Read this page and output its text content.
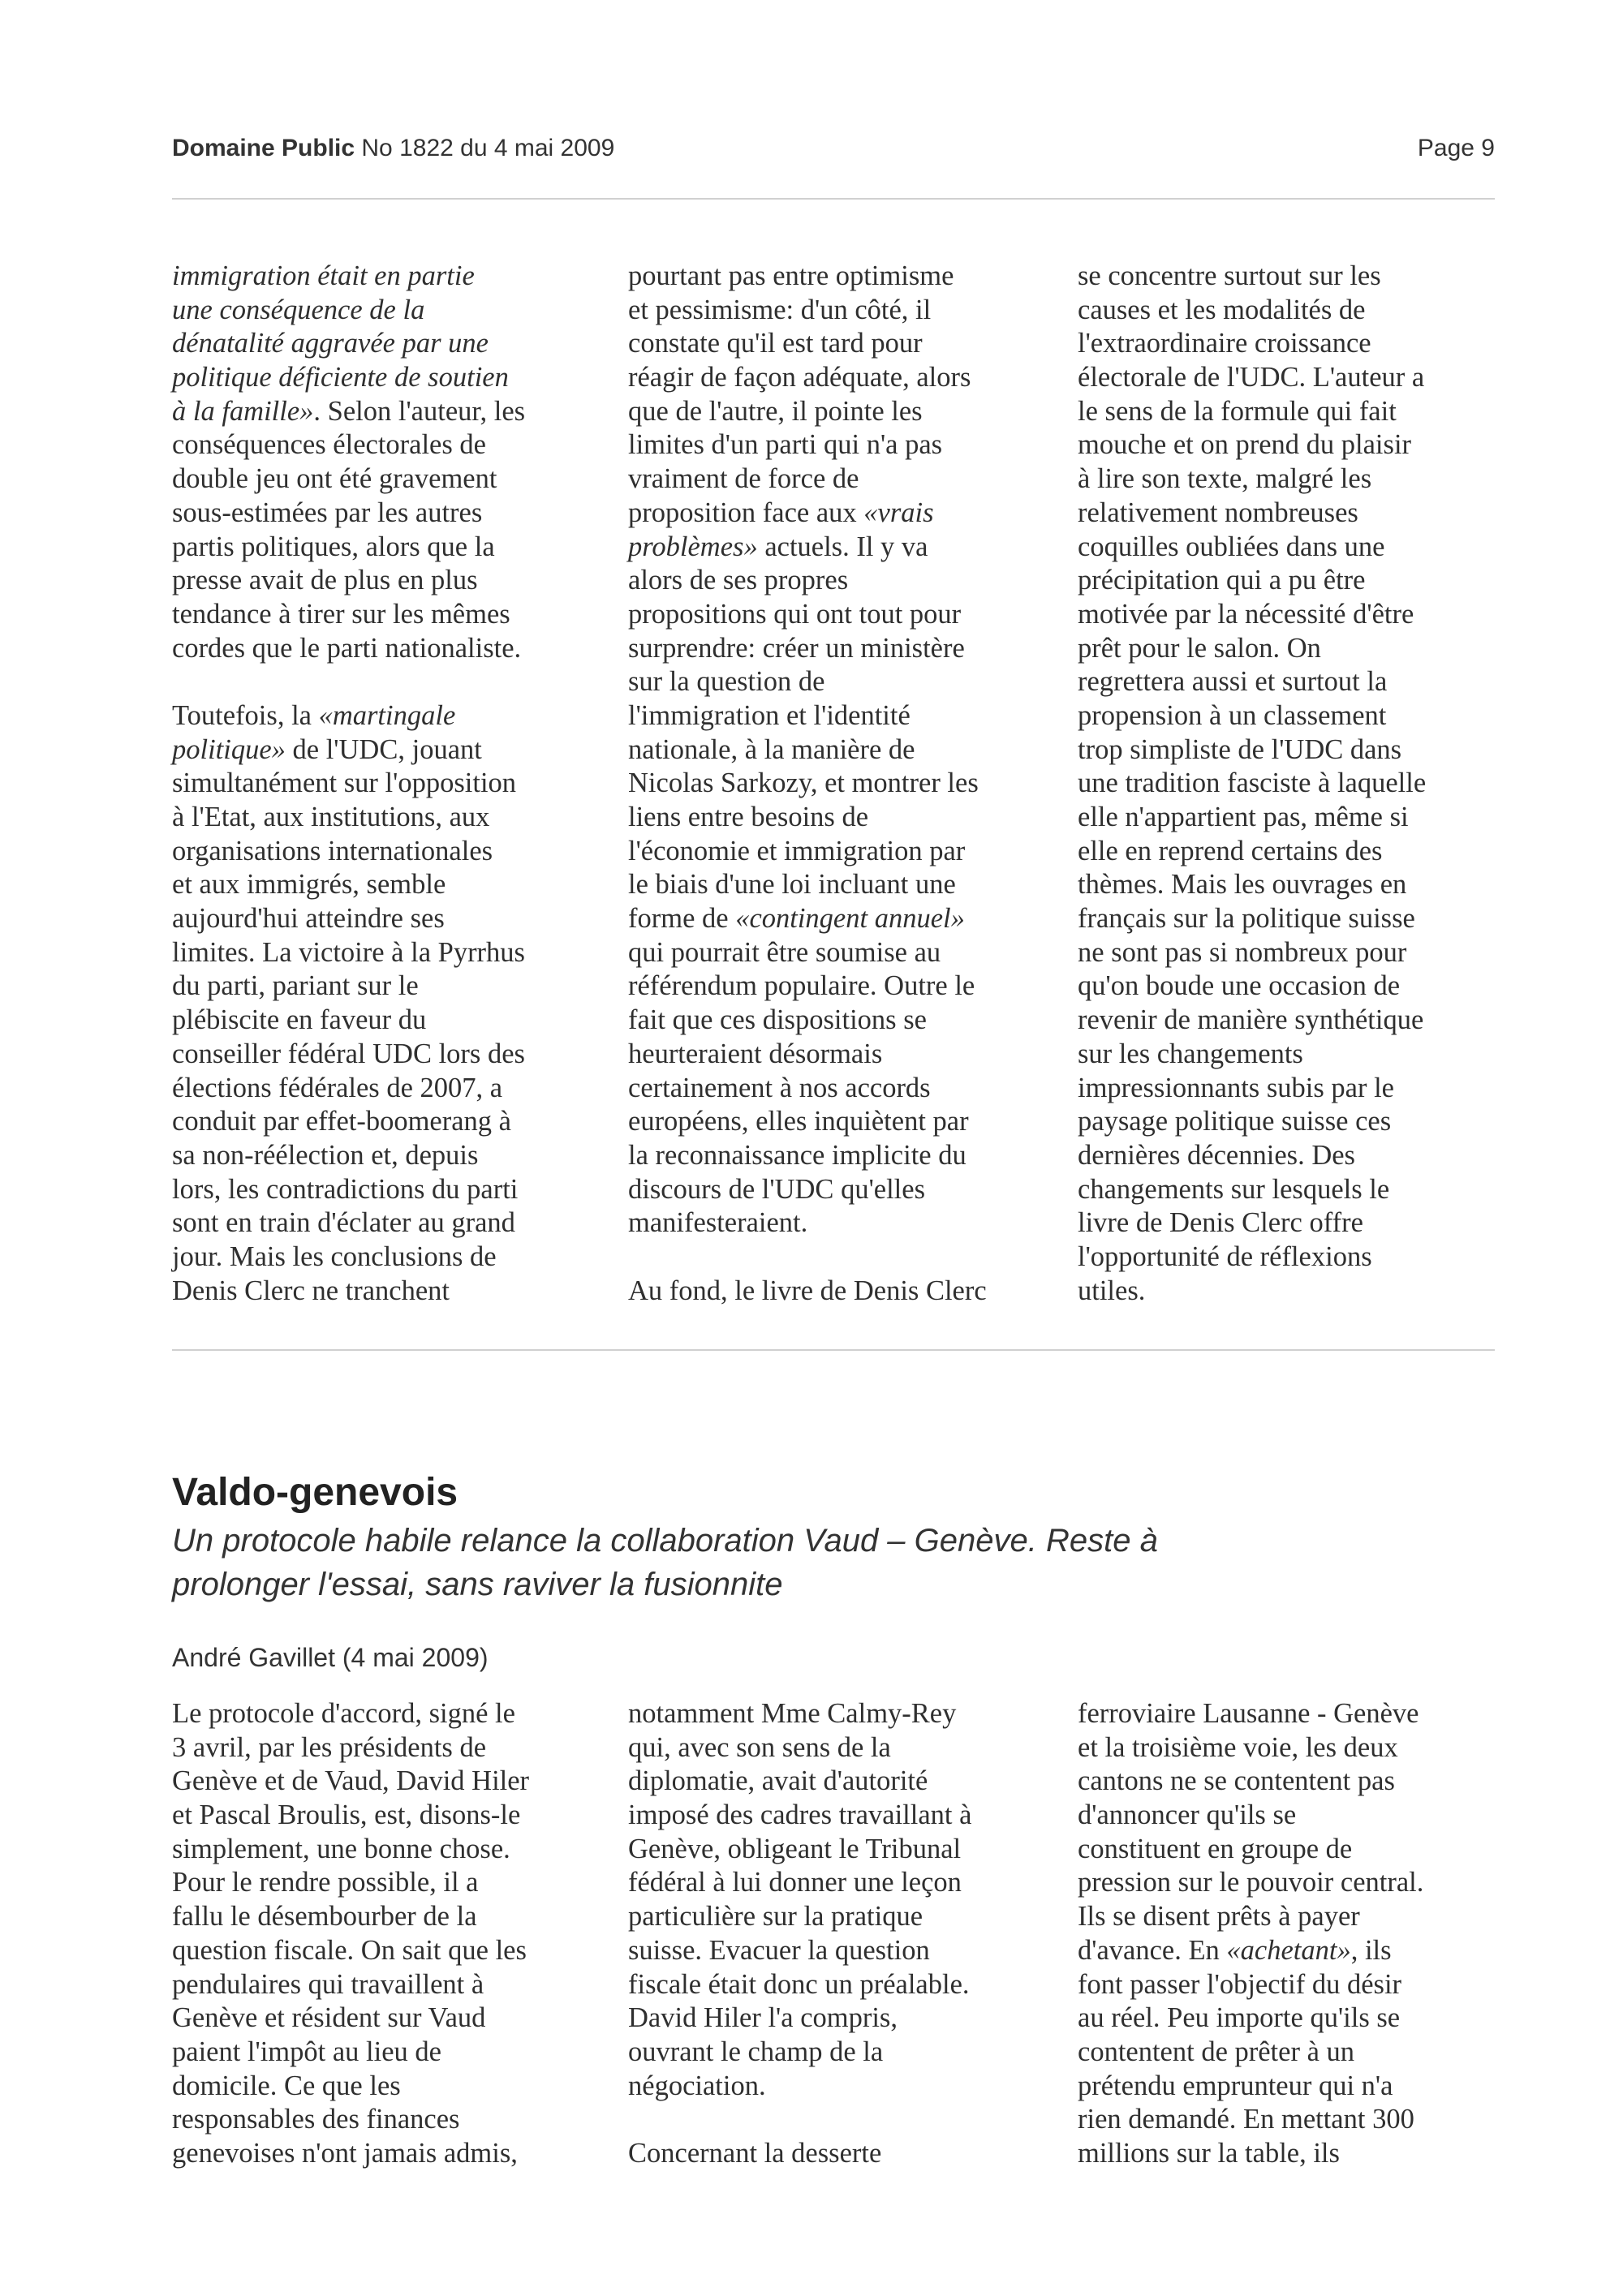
Domaine Public No 1822 du 4 mai 2009	Page 9
immigration était en partie
une conséquence de la
dénatalité aggravée par une
politique déficiente de soutien
à la famille». Selon l'auteur, les
conséquences électorales de
double jeu ont été gravement
sous-estimées par les autres
partis politiques, alors que la
presse avait de plus en plus
tendance à tirer sur les mêmes
cordes que le parti nationaliste.
Toutefois, la «martingale
politique» de l'UDC, jouant
simultanément sur l'opposition
à l'Etat, aux institutions, aux
organisations internationales
et aux immigrés, semble
aujourd'hui atteindre ses
limites. La victoire à la Pyrrhus
du parti, pariant sur le
plébiscite en faveur du
conseiller fédéral UDC lors des
élections fédérales de 2007, a
conduit par effet-boomerang à
sa non-réélection et, depuis
lors, les contradictions du parti
sont en train d'éclater au grand
jour. Mais les conclusions de
Denis Clerc ne tranchent
pourtant pas entre optimisme
et pessimisme: d'un côté, il
constate qu'il est tard pour
réagir de façon adéquate, alors
que de l'autre, il pointe les
limites d'un parti qui n'a pas
vraiment de force de
proposition face aux «vrais
problèmes» actuels. Il y va
alors de ses propres
propositions qui ont tout pour
surprendre: créer un ministère
sur la question de
l'immigration et l'identité
nationale, à la manière de
Nicolas Sarkozy, et montrer les
liens entre besoins de
l'économie et immigration par
le biais d'une loi incluant une
forme de «contingent annuel»
qui pourrait être soumise au
référendum populaire. Outre le
fait que ces dispositions se
heurteraient désormais
certainement à nos accords
européens, elles inquiètent par
la reconnaissance implicite du
discours de l'UDC qu'elles
manifesteraient.
Au fond, le livre de Denis Clerc
se concentre surtout sur les
causes et les modalités de
l'extraordinaire croissance
électorale de l'UDC. L'auteur a
le sens de la formule qui fait
mouche et on prend du plaisir
à lire son texte, malgré les
relativement nombreuses
coquilles oubliées dans une
précipitation qui a pu être
motivée par la nécessité d'être
prêt pour le salon. On
regrettera aussi et surtout la
propension à un classement
trop simpliste de l'UDC dans
une tradition fasciste à laquelle
elle n'appartient pas, même si
elle en reprend certains des
thèmes. Mais les ouvrages en
français sur la politique suisse
ne sont pas si nombreux pour
qu'on boude une occasion de
revenir de manière synthétique
sur les changements
impressionnants subis par le
paysage politique suisse ces
dernières décennies. Des
changements sur lesquels le
livre de Denis Clerc offre
l'opportunité de réflexions
utiles.
Valdo-genevois
Un protocole habile relance la collaboration Vaud – Genève. Reste à
prolonger l'essai, sans raviver la fusionnite
André Gavillet (4 mai 2009)
Le protocole d'accord, signé le
3 avril, par les présidents de
Genève et de Vaud, David Hiler
et Pascal Broulis, est, disons-le
simplement, une bonne chose.
Pour le rendre possible, il a
fallu le désembourber de la
question fiscale. On sait que les
pendulaires qui travaillent à
Genève et résident sur Vaud
paient l'impôt au lieu de
domicile. Ce que les
responsables des finances
genevoises n'ont jamais admis,
notamment Mme Calmy-Rey
qui, avec son sens de la
diplomatie, avait d'autorité
imposé des cadres travaillant à
Genève, obligeant le Tribunal
fédéral à lui donner une leçon
particulière sur la pratique
suisse. Evacuer la question
fiscale était donc un préalable.
David Hiler l'a compris,
ouvrant le champ de la
négociation.
Concernant la desserte
ferroviaire Lausanne - Genève
et la troisième voie, les deux
cantons ne se contentent pas
d'annoncer qu'ils se
constituent en groupe de
pression sur le pouvoir central.
Ils se disent prêts à payer
d'avance. En «achetant», ils
font passer l'objectif du désir
au réel. Peu importe qu'ils se
contentent de prêter à un
prétendu emprunteur qui n'a
rien demandé. En mettant 300
millions sur la table, ils
